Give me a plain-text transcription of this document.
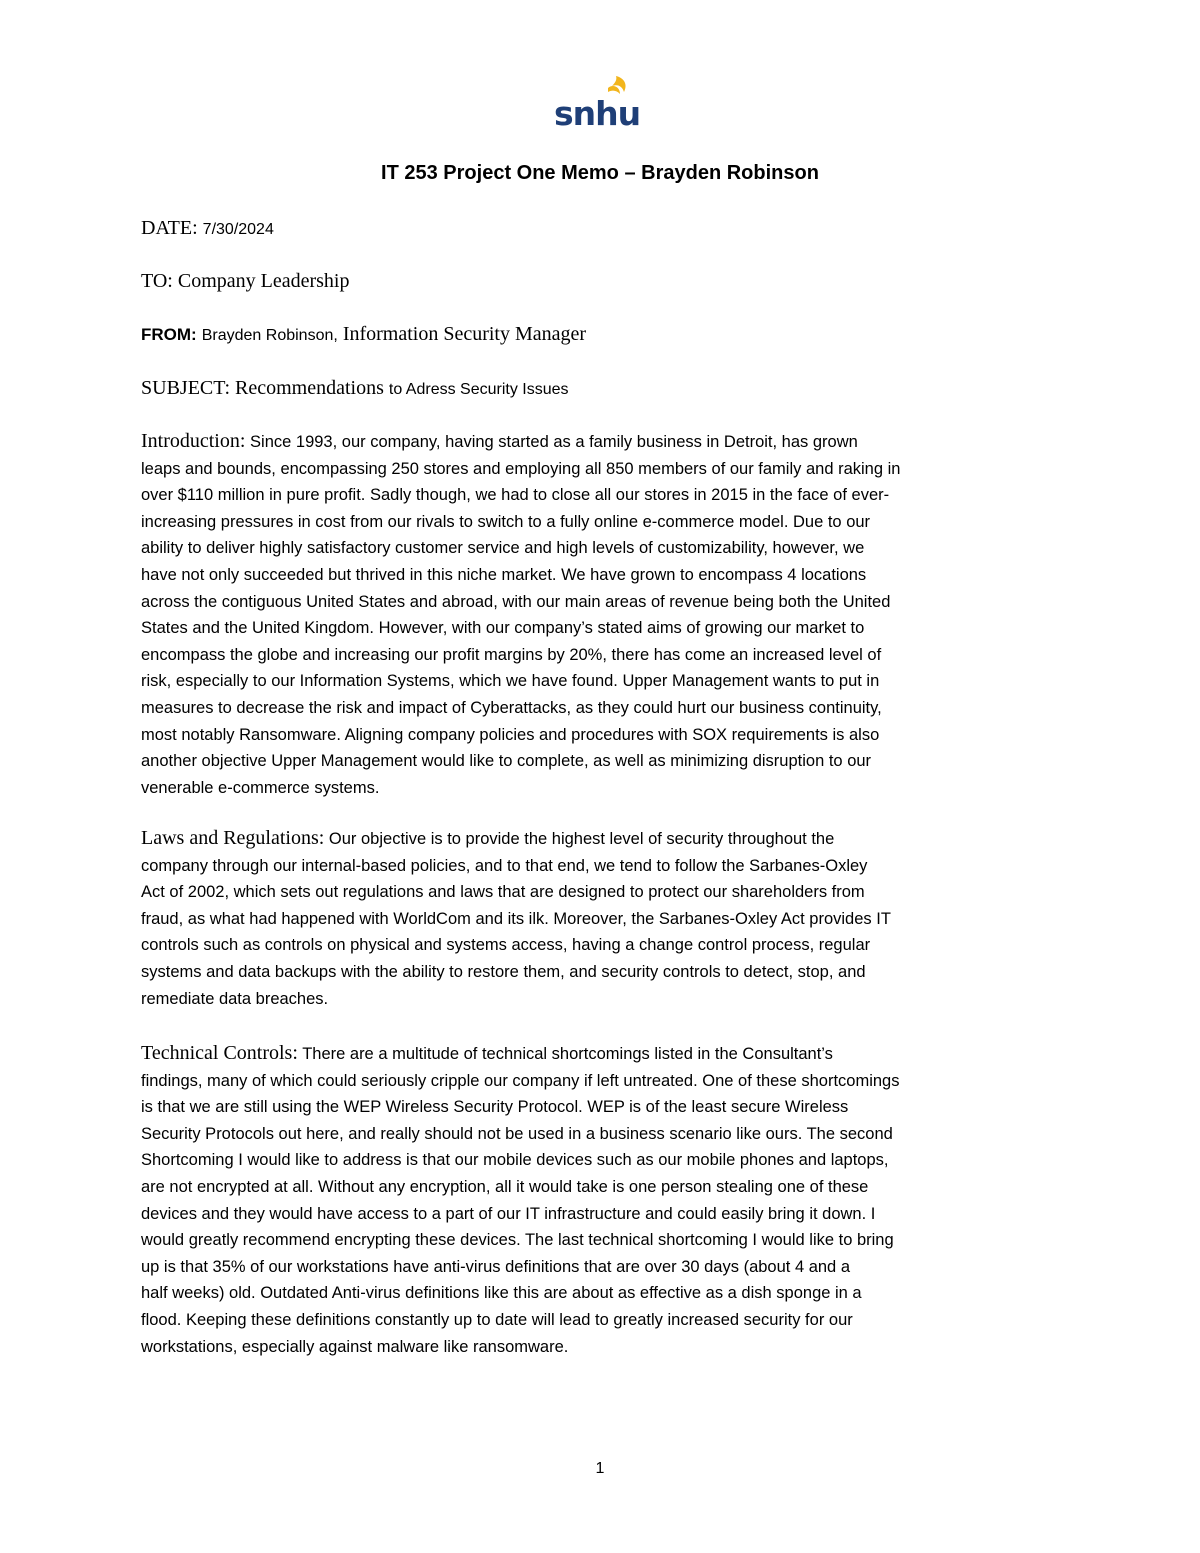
snhu
IT 253 Project One Memo – Brayden Robinson
DATE: 7/30/2024
TO: Company Leadership
FROM: Brayden Robinson, Information Security Manager
SUBJECT: Recommendations to Adress Security Issues
Introduction: Since 1993, our company, having started as a family business in Detroit, has grown
leaps and bounds, encompassing 250 stores and employing all 850 members of our family and raking in
over $110 million in pure profit. Sadly though, we had to close all our stores in 2015 in the face of ever-
increasing pressures in cost from our rivals to switch to a fully online e-commerce model. Due to our
ability to deliver highly satisfactory customer service and high levels of customizability, however, we
have not only succeeded but thrived in this niche market. We have grown to encompass 4 locations
across the contiguous United States and abroad, with our main areas of revenue being both the United
States and the United Kingdom. However, with our company’s stated aims of growing our market to
encompass the globe and increasing our profit margins by 20%, there has come an increased level of
risk, especially to our Information Systems, which we have found. Upper Management wants to put in
measures to decrease the risk and impact of Cyberattacks, as they could hurt our business continuity,
most notably Ransomware. Aligning company policies and procedures with SOX requirements is also
another objective Upper Management would like to complete, as well as minimizing disruption to our
venerable e-commerce systems.
Laws and Regulations: Our objective is to provide the highest level of security throughout the
company through our internal-based policies, and to that end, we tend to follow the Sarbanes-Oxley
Act of 2002, which sets out regulations and laws that are designed to protect our shareholders from
fraud, as what had happened with WorldCom and its ilk. Moreover, the Sarbanes-Oxley Act provides IT
controls such as controls on physical and systems access, having a change control process, regular
systems and data backups with the ability to restore them, and security controls to detect, stop, and
remediate data breaches.
Technical Controls: There are a multitude of technical shortcomings listed in the Consultant’s
findings, many of which could seriously cripple our company if left untreated. One of these shortcomings
is that we are still using the WEP Wireless Security Protocol. WEP is of the least secure Wireless
Security Protocols out here, and really should not be used in a business scenario like ours. The second
Shortcoming I would like to address is that our mobile devices such as our mobile phones and laptops,
are not encrypted at all. Without any encryption, all it would take is one person stealing one of these
devices and they would have access to a part of our IT infrastructure and could easily bring it down. I
would greatly recommend encrypting these devices. The last technical shortcoming I would like to bring
up is that 35% of our workstations have anti-virus definitions that are over 30 days (about 4 and a
half weeks) old. Outdated Anti-virus definitions like this are about as effective as a dish sponge in a
flood. Keeping these definitions constantly up to date will lead to greatly increased security for our
workstations, especially against malware like ransomware.
1
